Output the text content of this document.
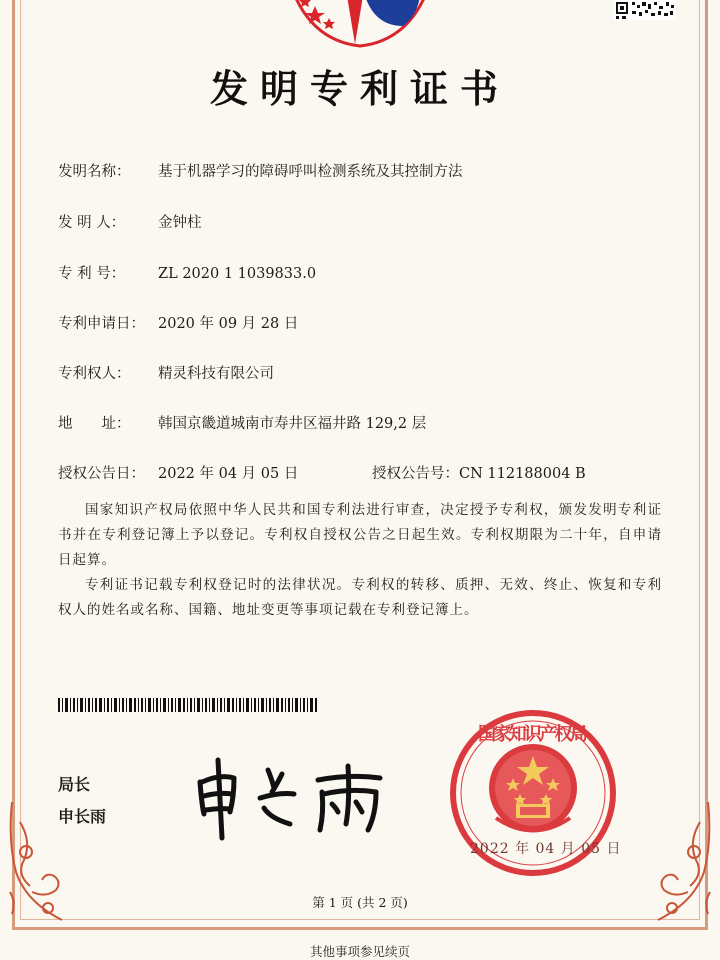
发明专利证书
发明名称： 基于机器学习的障碍呼叫检测系统及其控制方法
发 明 人： 金钟柱
专 利 号： ZL 2020 1 1039833.0
专利申请日： 2020 年 09 月 28 日
专利权人： 精灵科技有限公司
地　　址： 韩国京畿道城南市寿井区福井路 129,2 层
授权公告日： 2022 年 04 月 05 日	授权公告号：CN 112188004 B
国家知识产权局依照中华人民共和国专利法进行审查，决定授予专利权，颁发发明专利证书并在专利登记簿上予以登记。专利权自授权公告之日起生效。专利权期限为二十年，自申请日起算。
专利证书记载专利权登记时的法律状况。专利权的转移、质押、无效、终止、恢复和专利权人的姓名或名称、国籍、地址变更等事项记载在专利登记簿上。
局长
申长雨
国家知识产权局
2022 年 04 月 05 日
第 1 页 (共 2 页)
其他事项参见续页
